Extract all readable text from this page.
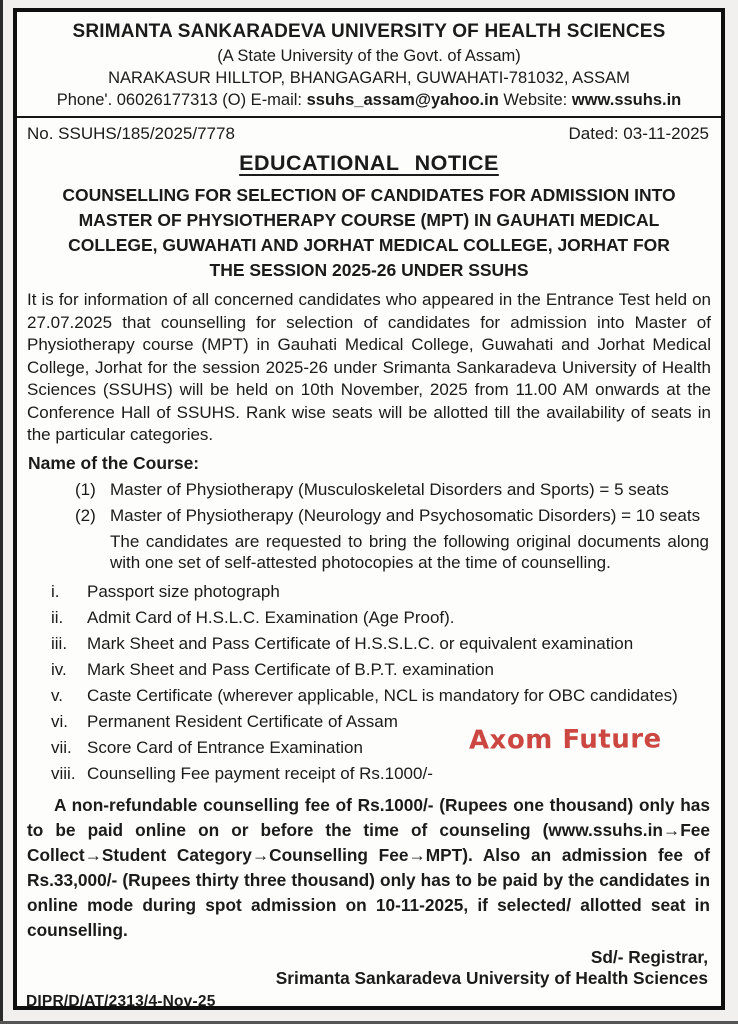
SRIMANTA SANKARADEVA UNIVERSITY OF HEALTH SCIENCES
(A State University of the Govt. of Assam)
NARAKASUR HILLTOP, BHANGAGARH, GUWAHATI-781032, ASSAM
Phone'. 06026177313 (O) E-mail: ssuhs_assam@yahoo.in Website: www.ssuhs.in
No. SSUHS/185/2025/7778	Dated: 03-11-2025
EDUCATIONAL NOTICE
COUNSELLING FOR SELECTION OF CANDIDATES FOR ADMISSION INTO MASTER OF PHYSIOTHERAPY COURSE (MPT) IN GAUHATI MEDICAL COLLEGE, GUWAHATI AND JORHAT MEDICAL COLLEGE, JORHAT FOR THE SESSION 2025-26 UNDER SSUHS
It is for information of all concerned candidates who appeared in the Entrance Test held on 27.07.2025 that counselling for selection of candidates for admission into Master of Physiotherapy course (MPT) in Gauhati Medical College, Guwahati and Jorhat Medical College, Jorhat for the session 2025-26 under Srimanta Sankaradeva University of Health Sciences (SSUHS) will be held on 10th November, 2025 from 11.00 AM onwards at the Conference Hall of SSUHS. Rank wise seats will be allotted till the availability of seats in the particular categories.
Name of the Course:
(1) Master of Physiotherapy (Musculoskeletal Disorders and Sports) = 5 seats
(2) Master of Physiotherapy (Neurology and Psychosomatic Disorders) = 10 seats
The candidates are requested to bring the following original documents along with one set of self-attested photocopies at the time of counselling.
i.	Passport size photograph
ii.	Admit Card of H.S.L.C. Examination (Age Proof).
iii.	Mark Sheet and Pass Certificate of H.S.S.L.C. or equivalent examination
iv.	Mark Sheet and Pass Certificate of B.P.T. examination
v.	Caste Certificate (wherever applicable, NCL is mandatory for OBC candidates)
vi.	Permanent Resident Certificate of Assam
vii. Score Card of Entrance Examination	Axom Future
viii. Counselling Fee payment receipt of Rs.1000/-
A non-refundable counselling fee of Rs.1000/- (Rupees one thousand) only has to be paid online on or before the time of counseling (www.ssuhs.in→Fee Collect→Student Category→Counselling Fee→MPT). Also an admission fee of Rs.33,000/- (Rupees thirty three thousand) only has to be paid by the candidates in online mode during spot admission on 10-11-2025, if selected/ allotted seat in counselling.
Sd/- Registrar,
Srimanta Sankaradeva University of Health Sciences
DIPR/D/AT/2313/4-Nov-25
